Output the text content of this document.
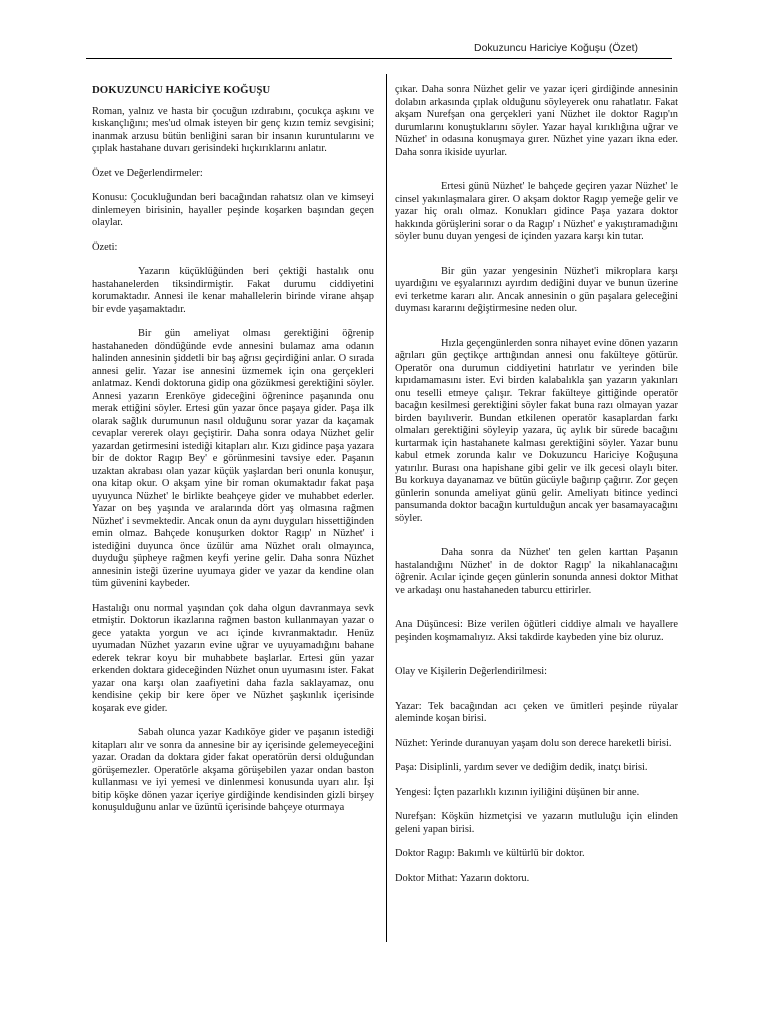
Dokuzuncu Hariciye Koğuşu (Özet)
DOKUZUNCU HARİCİYE KOĞUŞU

Roman, yalnız ve hasta bir çocuğun ızdırabını, çocukça aşkını ve kıskançlığını; mes'ud olmak isteyen bir genç kızın temiz sevgisini; inanmak arzusu bütün benliğini saran bir insanın kuruntularını ve çıplak hastahane duvarı gerisindeki hıçkırıklarını anlatır.

Özet ve Değerlendirmeler:

Konusu: Çocukluğundan beri bacağından rahatsız olan ve kimseyi dinlemeyen birisinin, hayaller peşinde koşarken başından geçen olaylar.

Özeti:

Yazarın küçüklüğünden beri çektiği hastalık onu hastahanelerden tiksindirmiştir. Fakat durumu ciddiyetini korumaktadır. Annesi ile kenar mahallelerin birinde virane ahşap bir evde yaşamaktadır.

Bir gün ameliyat olması gerektiğini öğrenip hastahaneden döndüğünde evde annesini bulamaz ama odanın halinden annesinin şiddetli bir baş ağrısı geçirdiğini anlar. O sırada annesi gelir. Yazar ise annesini üzmemek için ona gerçekleri anlatmaz. Kendi doktoruna gidip ona gözükmesi gerektiğini söyler. Annesi yazarın Erenköye gideceğini öğrenince paşanında onu merak ettiğini söyler. Ertesi gün yazar önce paşaya gider. Paşa ilk olarak sağlık durumunun nasıl olduğunu sorar yazar da kaçamak cevaplar vererek olayı geçiştirir. Daha sonra odaya Nüzhet gelir yazardan getirmesini istediği kitapları alır. Kızı gidince paşa yazara bir de doktor Ragıp Bey' e görünmesini tavsiye eder. Paşanın uzaktan akrabası olan yazar küçük yaşlardan beri onunla konuşur, ona kitap okur. O akşam yine bir roman okumaktadır fakat paşa uyuyunca Nüzhet' le birlikte beahçeye gider ve muhabbet ederler. Yazar on beş yaşında ve aralarında dört yaş olmasına rağmen Nüzhet' i sevmektedir. Ancak onun da aynı duyguları hissettiğinden emin olmaz. Bahçede konuşurken doktor Ragıp' ın Nüzhet' i istediğini duyunca önce üzülür ama Nüzhet oralı olmayınca, duyduğu şüpheye rağmen keyfi yerine gelir. Daha sonra Nüzhet annesinin isteği üzerine uyumaya gider ve yazar da kendine olan tüm güvenini kaybeder.

Hastalığı onu normal yaşından çok daha olgun davranmaya sevk etmiştir. Doktorun ikazlarına rağmen baston kullanmayan yazar o gece yatakta yorgun ve acı içinde kıvranmaktadır. Henüz uyumadan Nüzhet yazarın evine uğrar ve uyuyamadığını bahane ederek tekrar koyu bir muhabbete başlarlar. Ertesi gün yazar erkenden doktara gideceğinden Nüzhet onun uyumasını ister. Fakat yazar ona karşı olan zaafiyetini daha fazla saklayamaz, onu kendisine çekip bir kere öper ve Nüzhet şaşkınlık içerisinde koşarak eve gider.

Sabah olunca yazar Kadıköye gider ve paşanın istediği kitapları alır ve sonra da annesine bir ay içerisinde gelemeyeceğini yazar. Oradan da doktara gider fakat operatörün dersi olduğundan görüşemezler. Operatörle akşama görüşebilen yazar ondan baston kullanması ve iyi yemesi ve dinlenmesi konusunda uyarı alır. İşi bitip köşke dönen yazar içeriye girdiğinde kendisinden gizli birşey konuşulduğunu anlar ve üzüntü içerisinde bahçeye oturmaya

çıkar. Daha sonra Nüzhet gelir ve yazar içeri girdiğinde annesinin dolabın arkasında çıplak olduğunu söyleyerek onu rahatlatır. Fakat akşam Nurefşan ona gerçekleri yani Nüzhet ile doktor Ragıp'ın durumlarını konuştuklarını söyler. Yazar hayal kırıklığına uğrar ve Nüzhet' in odasına konuşmaya gırer. Nüzhet yine yazarı ikna eder. Daha sonra ikiside uyurlar.

Ertesi günü Nüzhet' le bahçede geçiren yazar Nüzhet' le cinsel yakınlaşmalara girer. O akşam doktor Ragıp yemeğe gelir ve yazar hiç oralı olmaz. Konukları gidince Paşa yazara doktor hakkında görüşlerini sorar o da Ragıp' ı Nüzhet' e yakıştıramadığını söyler bunu duyan yengesi de içinden yazara karşı kin tutar.

Bir gün yazar yengesinin Nüzhet'i mikroplara karşı uyardığını ve eşyalarınızı ayırdım dediğini duyar ve bunun üzerine evi terketme kararı alır. Ancak annesinin o gün paşalara geleceğini duyması kararını değiştirmesine neden olur.

Hızla geçengünlerden sonra nihayet evine dönen yazarın ağrıları gün geçtikçe arttığından annesi onu fakülteye götürür. Operatör ona durumun ciddiyetini hatırlatır ve yerinden bile kıpıdamamasını ister. Evi birden kalabalıkla şan yazarın yakınları onu teselli etmeye çalışır. Tekrar fakülteye gittiğinde operatör bacağın kesilmesi gerektiğini söyler fakat buna razı olmayan yazar birden bayılıverir. Bundan etkilenen operatör kasaplardan farkı olmaları gerektiğini söyleyip yazara, üç aylık bir sürede bacağını kurtarmak için hastahanete kalması gerektiğini söyler. Yazar bunu kabul etmek zorunda kalır ve Dokuzuncu Hariciye Koğuşuna yatırılır. Burası ona hapishane gibi gelir ve ilk gecesi olaylı biter. Bu korkuya dayanamaz ve bütün gücüyle bağırıp çağırır. Zor geçen günlerin sonunda ameliyat günü gelir. Ameliyatı bitince yedinci pansumanda doktor bacağın kurtulduğun ancak yer basamayacağını söyler.

Daha sonra da Nüzhet' ten gelen karttan Paşanın hastalandığını Nüzhet' in de doktor Ragıp' la nikahlanacağını öğrenir. Acılar içinde geçen günlerin sonunda annesi doktor Mithat ve arkadaşı onu hastahaneden taburcu ettirirler.

Ana Düşüncesi: Bize verilen öğütleri ciddiye almalı ve hayallere peşinden koşmamalıyız. Aksi takdirde kaybeden yine biz oluruz.

Olay ve Kişilerin Değerlendirilmesi:

Yazar: Tek bacağından acı çeken ve ümitleri peşinde rüyalar aleminde koşan birisi.

Nüzhet: Yerinde duranuyan yaşam dolu son derece hareketli birisi.

Paşa: Disiplinli, yardım sever ve dediğim dedik, inatçı birisi.

Yengesi: İçten pazarlıklı kızının iyiliğini düşünen bir anne.

Nurefşan: Köşkün hizmetçisi ve yazarın mutluluğu için elinden geleni yapan birisi.

Doktor Ragıp: Bakımlı ve kültürlü bir doktor.

Doktor Mithat: Yazarın doktoru.
